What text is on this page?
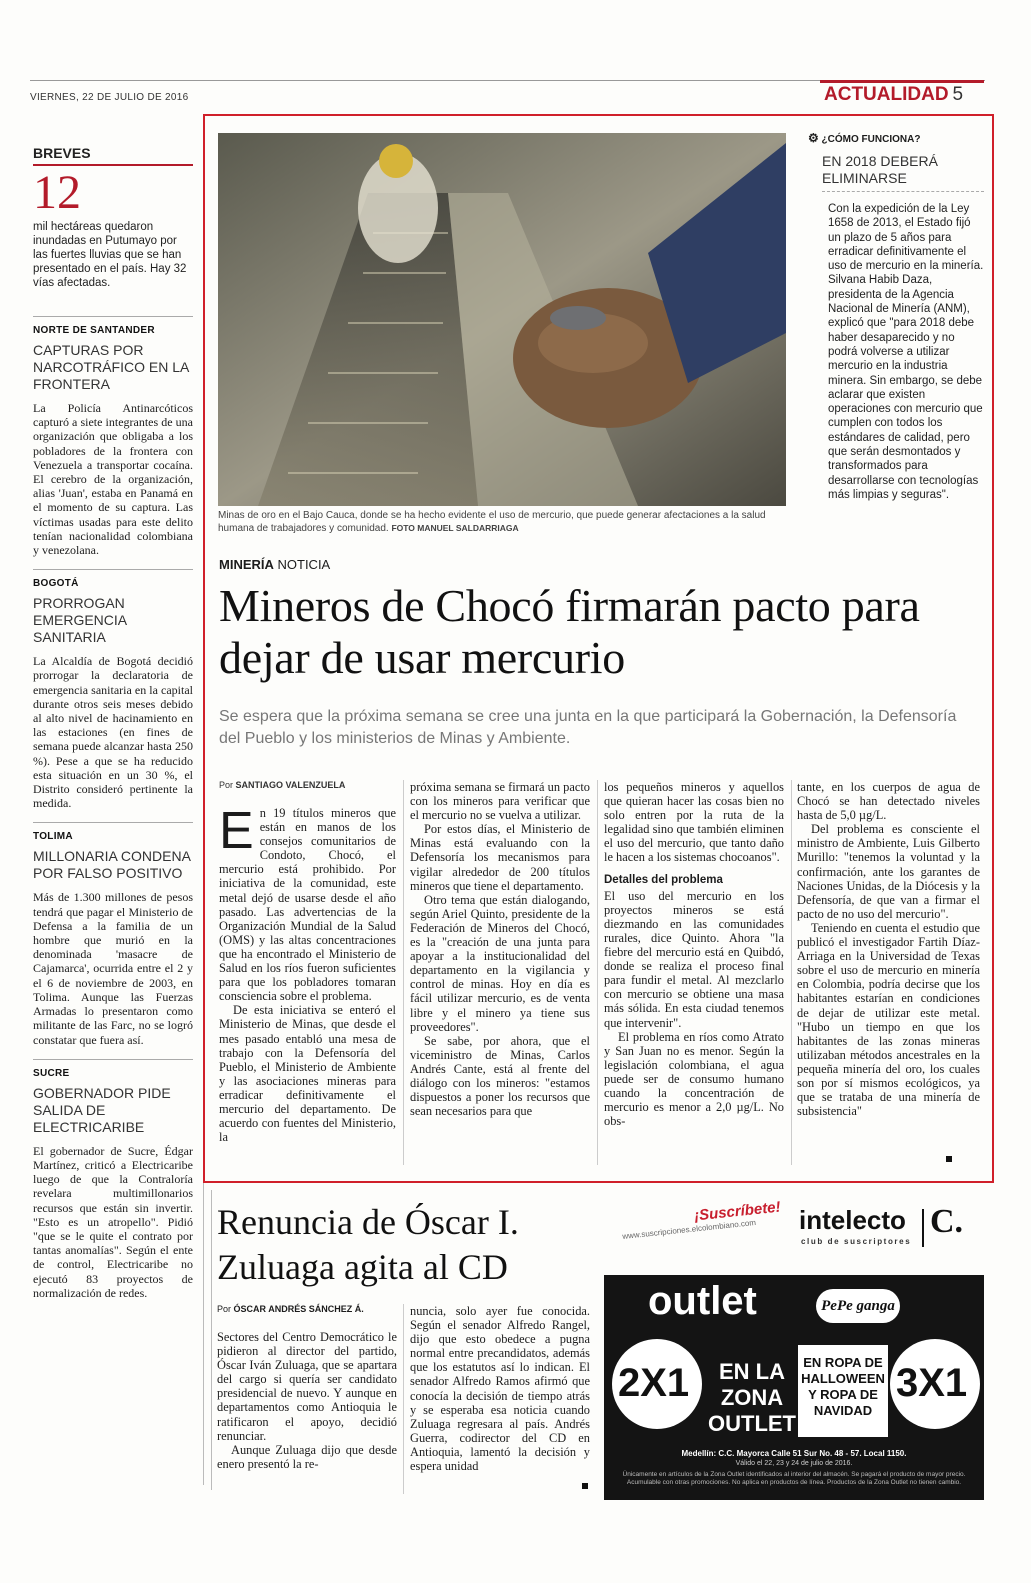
VIERNES, 22 DE JULIO DE 2016	ACTUALIDAD 5
BREVES
12

mil hectáreas quedaron inundadas en Putumayo por las fuertes lluvias que se han presentado en el país. Hay 32 vías afectadas.

NORTE DE SANTANDER
CAPTURAS POR NARCOTRÁFICO EN LA FRONTERA

La Policía Antinarcóticos capturó a siete integrantes de una organización que obligaba a los pobladores de la frontera con Venezuela a transportar cocaína. El cerebro de la organización, alias 'Juan', estaba en Panamá en el momento de su captura. Las víctimas usadas para este delito tenían nacionalidad colombiana y venezolana.

BOGOTÁ
PRORROGAN EMERGENCIA SANITARIA

La Alcaldía de Bogotá decidió prorrogar la declaratoria de emergencia sanitaria en la capital durante otros seis meses debido al alto nivel de hacinamiento en las estaciones (en fines de semana puede alcanzar hasta 250 %). Pese a que se ha reducido esta situación en un 30 %, el Distrito consideró pertinente la medida.

TOLIMA
MILLONARIA CONDENA POR FALSO POSITIVO

Más de 1.300 millones de pesos tendrá que pagar el Ministerio de Defensa a la familia de un hombre que murió en la denominada 'masacre de Cajamarca', ocurrida entre el 2 y el 6 de noviembre de 2003, en Tolima. Aunque las Fuerzas Armadas lo presentaron como militante de las Farc, no se logró constatar que fuera así.

SUCRE
GOBERNADOR PIDE SALIDA DE ELECTRICARIBE

El gobernador de Sucre, Édgar Martínez, criticó a Electricaribe luego de que la Contraloría revelara multimillonarios recursos que están sin invertir. "Esto es un atropello". Pidió "que se le quite el contrato por tantas anomalías". Según el ente de control, Electricaribe no ejecutó 83 proyectos de normalización de redes.

Minas de oro en el Bajo Cauca, donde se ha hecho evidente el uso de mercurio, que puede generar afectaciones a la salud humana de trabajadores y comunidad. FOTO MANUEL SALDARRIAGA
⚙ ¿CÓMO FUNCIONA?
EN 2018 DEBERÁ ELIMINARSE

Con la expedición de la Ley 1658 de 2013, el Estado fijó un plazo de 5 años para erradicar definitivamente el uso de mercurio en la minería. Silvana Habib Daza, presidenta de la Agencia Nacional de Minería (ANM), explicó que "para 2018 debe haber desaparecido y no podrá volverse a utilizar mercurio en la industria minera. Sin embargo, se debe aclarar que existen operaciones con mercurio que cumplen con todos los estándares de calidad, pero que serán desmontados y transformados para desarrollarse con tecnologías más limpias y seguras".

MINERÍA NOTICIA
Mineros de Chocó firmarán pacto para dejar de usar mercurio

Se espera que la próxima semana se cree una junta en la que participará la Gobernación, la Defensoría del Pueblo y los ministerios de Minas y Ambiente.

Por SANTIAGO VALENZUELA
E n 19 títulos mineros que están en manos de los consejos comunitarios de Condoto, Chocó, el mercurio está prohibido. Por iniciativa de la comunidad, este metal dejó de usarse desde el año pasado. Las advertencias de la Organización Mundial de la Salud (OMS) y las altas concentraciones que ha encontrado el Ministerio de Salud en los ríos fueron suficientes para que los pobladores tomaran consciencia sobre el problema.

De esta iniciativa se enteró el Ministerio de Minas, que desde el mes pasado entabló una mesa de trabajo con la Defensoría del Pueblo, el Ministerio de Ambiente y las asociaciones mineras para erradicar definitivamente el mercurio del departamento. De acuerdo con fuentes del Ministerio, la

próxima semana se firmará un pacto con los mineros para verificar que el mercurio no se vuelva a utilizar.

Por estos días, el Ministerio de Minas está evaluando con la Defensoría los mecanismos para vigilar alrededor de 200 títulos mineros que tiene el departamento.

Otro tema que están dialogando, según Ariel Quinto, presidente de la Federación de Mineros del Chocó, es la "creación de una junta para apoyar a la institucionalidad del departamento en la vigilancia y control de minas. Hoy en día es fácil utilizar mercurio, es de venta libre y el minero ya tiene sus proveedores".

Se sabe, por ahora, que el viceministro de Minas, Carlos Andrés Cante, está al frente del diálogo con los mineros: "estamos dispuestos a poner los recursos que sean necesarios para que

los pequeños mineros y aquellos que quieran hacer las cosas bien no solo entren por la ruta de la legalidad sino que también eliminen el uso del mercurio, que tanto daño le hacen a los sistemas chocoanos".

Detalles del problema

El uso del mercurio en los proyectos mineros se está diezmando en las comunidades rurales, dice Quinto. Ahora "la fiebre del mercurio está en Quibdó, donde se realiza el proceso final para fundir el metal. Al mezclarlo con mercurio se obtiene una masa más sólida. En esta ciudad tenemos que intervenir".

El problema en ríos como Atrato y San Juan no es menor. Según la legislación colombiana, el agua puede ser de consumo humano cuando la concentración de mercurio es menor a 2,0 µg/L. No obs-

tante, en los cuerpos de agua de Chocó se han detectado niveles hasta de 5,0 µg/L.

Del problema es consciente el ministro de Ambiente, Luis Gilberto Murillo: "tenemos la voluntad y la confirmación, ante los garantes de Naciones Unidas, de la Diócesis y la Defensoría, de que van a firmar el pacto de no uso del mercurio".

Teniendo en cuenta el estudio que publicó el investigador Fartih Díaz-Arriaga en la Universidad de Texas sobre el uso de mercurio en minería en Colombia, podría decirse que los habitantes estarían en condiciones de dejar de utilizar este metal. "Hubo un tiempo en que los habitantes de las zonas mineras utilizaban métodos ancestrales en la pequeña minería del oro, los cuales son por sí mismos ecológicos, ya que se trataba de una minería de subsistencia"

Renuncia de Óscar I. Zuluaga agita al CD
Por ÓSCAR ANDRÉS SÁNCHEZ Á.

Sectores del Centro Democrático le pidieron al director del partido, Óscar Iván Zuluaga, que se apartara del cargo si quería ser candidato presidencial de nuevo. Y aunque en departamentos como Antioquia le ratificaron el apoyo, decidió renunciar.

Aunque Zuluaga dijo que desde enero presentó la re-

nuncia, solo ayer fue conocida. Según el senador Alfredo Rangel, dijo que esto obedece a pugna normal entre precandidatos, además que los estatutos así lo indican. El senador Alfredo Ramos afirmó que conocía la decisión de tiempo atrás y se esperaba esa noticia cuando Zuluaga regresara al país. Andrés Guerra, codirector del CD en Antioquia, lamentó la decisión y espera unidad

¡Suscríbete!
www.suscripciones.elcolombiano.com intelecto
club de suscriptores
C.
outlet	PePe ganga
2X1	EN LA ZONA OUTLET
EN ROPA DE HALLOWEEN Y ROPA DE NAVIDAD
3X1
Medellín: C.C. Mayorca Calle 51 Sur No. 48 - 57. Local 1150.
Válido el 22, 23 y 24 de julio de 2016.
Únicamente en artículos de la Zona Outlet identificados al interior del almacén. Se pagará el producto de mayor precio. Acumulable con otras promociones. No aplica en productos de línea. Productos de la Zona Outlet no tienen cambio.
